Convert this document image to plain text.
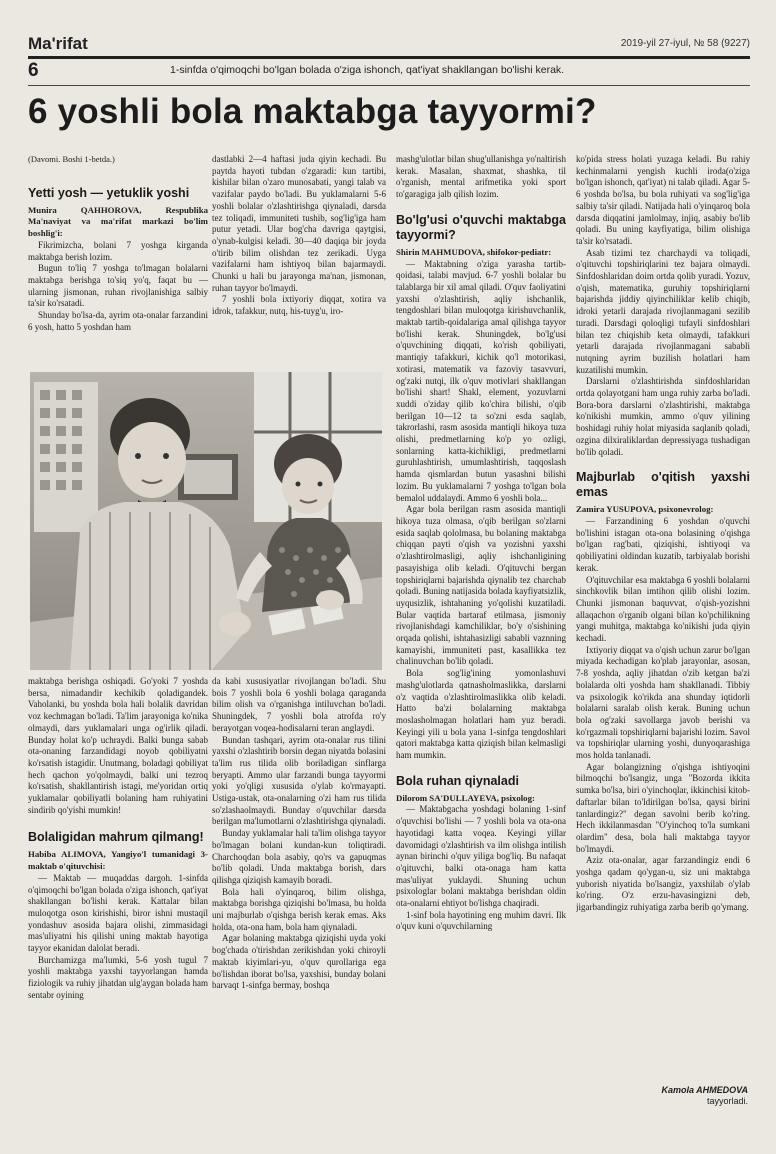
Ma'rifat	2019-yil 27-iyul, № 58 (9227)
6	1-sinfda o'qimoqchi bo'lgan bolada o'ziga ishonch, qat'iyat shakllangan bo'lishi kerak.
6 yoshli bola maktabga tayyormi?

(Davomi. Boshi 1-betda.)

Yetti yosh — yetuklik yoshi

Munira QAHHOROVA, Respublika Ma'naviyat va ma'rifat markazi bo'lim boshlig'i:

Fikrimizcha, bolani 7 yoshga kirgandа maktabga berish lozim.

Bugun to'liq 7 yoshga to'lmagan bolalarni maktabga berishga to'siq yo'q, faqat bu — ularning jismonan, ruhan rivojlanishiga salbiy ta'sir ko'rsatadi.

Shunday bo'lsa-da, ayrim ota-onalar farzandini 6 yosh, hatto 5 yoshdan ham

dastlabki 2—4 haftasi juda qiyin kechadi. Bu paytda hayoti tubdan o'zgaradi: kun tartibi, kishilar bilan o'zaro munosabati, yangi talab va vazifalar paydo bo'ladi. Bu yuklamalarni 5-6 yoshli bolalar o'zlashtirishga qiynaladi, darsda tez toliqadi, immuniteti tushib, sog'lig'iga ham putur yetadi. Ular bog'cha davriga qaytgisi, o'ynab-kulgisi keladi. 30—40 daqiqa bir joyda o'tirib bilim olishdan tez zerikadi. Uyga vazifalarni ham ishtiyoq bilan bajarmaydi. Chunki u hali bu jarayonga ma'nan, jismonan, ruhan tayyor bo'lmaydi.

7 yoshli bola ixtiyoriy diqqat, xotira va idrok, tafakkur, nutq, his-tuyg'u, iro-

maktabga berishga oshiqadi. Go'yoki 7 yoshda bersa, nimadandir kechikib qoladigandek. Vaholanki, bu yoshda bola hali bolalik davridan voz kechmagan bo'ladi. Ta'lim jarayoniga ko'nika olmaydi, dars yuklamalari unga og'irlik qiladi. Bunday holat ko'p uchraydi. Balki bunga sabab ota-onaning farzandidagi noyob qobiliyatni ko'rsatish istagidir. Unutmang, boladagi qobiliyat hech qachon yo'qolmaydi, balki uni tezroq ko'rsatish, shakllantirish istagi, me'yoridan ortiq yuklamalar qobiliyatli bolaning ham ruhiyatini sindirib qo'yishi mumkin!

Bolaligidan mahrum qilmang!

Habiba ALIMOVA, Yangiyo'l tumanidagi 3-maktab o'qituvchisi:

— Maktab — muqaddas dargoh. 1-sinfda o'qimoqchi bo'lgan bolada o'ziga ishonch, qat'iyat shakllangan bo'lishi kerak. Kattalar bilan muloqotga oson kirishishi, biror ishni mustaqil yondashuv asosida bajara olishi, zimmasidagi mas'uliyatni his qilishi uning maktab hayotiga tayyor ekanidan dalolat beradi.

Burchamizga ma'lumki, 5-6 yosh tugul 7 yoshli maktabga yaxshi tayyorlangan hamda fiziologik va ruhiy jihatdan ulg'aygan bolada ham sentabr oyining

da kabi xususiyatlar rivojlangan bo'ladi. Shu bois 7 yoshli bola 6 yoshli bolaga qaraganda bilim olish va o'rganishga intiluvchan bo'ladi. Shuningdek, 7 yoshli bola atrofda ro'y berayotgan voqea-hodisalarni teran anglaydi.

Bundan tashqari, ayrim ota-onalar rus tilini yaxshi o'zlashtirib borsin degan niyatda bolasini ta'lim rus tilida olib boriladigan sinflarga beryapti. Ammo ular farzandi bunga tayyormi yoki yo'qligi xususida o'ylab ko'rmayapti. Ustiga-ustak, ota-onalarning o'zi ham rus tilida so'zlashaolmaydi. Bunday o'quvchilar darsda berilgan ma'lumotlarni o'zlashtirishga qiynaladi.

Bunday yuklamalar hali ta'lim olishga tayyor bo'lmagan bolani kundan-kun toliqtiradi. Charchoqdan bola asabiy, qo'rs va gapuqmas bo'lib qoladi. Unda maktabga borish, dars qilishga qiziqish kamayib boradi.

Bola hali o'yinqaroq, bilim olishga, maktabga borishga qiziqishi bo'lmasa, bu holda uni majburlab o'qishga berish kerak emas. Aks holda, ota-ona ham, bola ham qiynaladi.

Agar bolaning maktabga qiziqishi uyda yoki bog'chada o'tirishdan zerikishdan yoki chiroyli maktab kiyimlari-yu, o'quv qurollariga ega bo'lishdan iborat bo'lsa, yaxshisi, bunday bolani barvaqt 1-sinfga bermay, boshqa

mashg'ulotlar bilan shug'ullanishga yo'naltirish kerak. Masalan, shaxmat, shashka, til o'rganish, mental arifmetika yoki sport to'garagiga jalb qilish lozim.

Bo'lg'usi o'quvchi maktabga tayyormi?

Shirin MAHMUDOVA, shifokor-pediatr:

— Maktabning o'ziga yarasha tartib-qoidasi, talabi mavjud. 6-7 yoshli bolalar bu talablarga bir xil amal qiladi. O'quv faoliyatini yaxshi o'zlashtirish, aqliy ishchanlik, tengdoshlari bilan muloqotga kirishuvchanlik, maktab tartib-qoidalariga amal qilishga tayyor bo'lishi kerak. Shuningdek, bo'lg'usi o'quvchining diqqati, ko'rish qobiliyati, mantiqiy tafakkuri, kichik qo'l motorikasi, xotirasi, matematik va fazoviy tasavvuri, og'zaki nutqi, ilk o'quv motivlari shakllangan bo'lishi shart! Shakl, element, yozuvlarni xuddi o'zidаy qilib ko'chira bilishi, o'qib berilgan 10—12 ta so'zni esda saqlab, takrorlashi, rasm asosida mantiqli hikoya tuza olishi, predmetlarning ko'p yo ozligi, sonlarning katta-kichikligi, predmetlarni guruhlashtirish, umumlashtirish, taqqoslash hamda qismlardan butun yasashni bilishi lozim. Bu yuklamalarni 7 yoshga to'lgan bola bemalol uddalaydi. Ammo 6 yoshli bola...

Agar bola berilgan rasm asosida mantiqli hikoya tuza olmasa, o'qib berilgan so'zlarni esida saqlab qololmasa, bu bolaning maktabga chiqqan payti o'qish va yozishni yaxshi o'zlashtirolmasligi, aqliy ishchanligining pasayishiga olib keladi. O'qituvchi bergan topshiriqlarni bajarishda qiynalib tez charchab qoladi. Buning natijasida bolada kayfiyatsizlik, uyqusizlik, ishtahaning yo'qolishi kuzatiladi. Bular vaqtida bartaraf etilmasa, jismoniy rivojlanishdagi kamchiliklar, bo'y o'sishining orqada qolishi, ishtahasizligi sababli vaznning kamayishi, immuniteti past, kasallikka tez chalinuvchan bo'lib qoladi.

Bola sog'lig'ining yomonlashuvi mashg'ulotlarda qatnasholmaslikka, darslarni o'z vaqtida o'zlashtirolmaslikka olib keladi. Hatto ba'zi bolalarning maktabga moslasholmagan holatlari ham yuz beradi. Keyingi yili u bola yana 1-sinfga tengdoshlari qatori maktabga katta qiziqish bilan kelmasligi ham mumkin.

Bola ruhan qiynaladi

Dilorom SA'DULLAYEVA, psixolog:

— Maktabgacha yoshdagi bolaning 1-sinf o'quvchisi bo'lishi — 7 yoshli bola va ota-ona hayotidagi katta voqea. Keyingi yillar davomidagi o'zlashtirish va ilm olishga intilish aynan birinchi o'quv yiliga bog'liq. Bu nafaqat o'qituvchi, balki ota-onaga ham katta mas'uliyat yuklaydi. Shuning uchun psixologlar bolani maktabga berishdan oldin ota-onalarni ehtiyot bo'lishga chaqiradi.

1-sinf bola hayotining eng muhim davri. Ilk o'quv kuni o'quvchilarning

ko'pida stress holati yuzaga keladi. Bu rahiy kechinmalarni yengish kuchli iroda(o'ziga bo'lgan ishonch, qat'iyat) ni talab qiladi. Agar 5-6 yoshda bo'lsa, bu bola ruhiyati va sog'lig'iga salbiy ta'sir qiladi. Natijada hali o'yinqaroq bola darsda diqqatini jamlolmay, injiq, asabiy bo'lib qoladi. Bu uning kayfiyatiga, bilim olishiga ta'sir ko'rsatadi.

Asab tizimi tez charchaydi va toliqadi, o'qituvchi topshiriqlarini tez bajara olmaydi. Sinfdoshlaridan doim ortda qolib yuradi. Yozuv, o'qish, matematika, guruhiy topshiriqlarni bajarishda jiddiy qiyinchiliklar kelib chiqib, idroki yetarli darajada rivojlanmagani sezilib turadi. Darsdagi qoloqligi tufayli sinfdoshlari bilan tez chiqishib keta olmaydi, tafakkuri yetarli darajada rivojlanmagani sababli nutqning ayrim buzilish holatlari ham kuzatilishi mumkin.

Darslarni o'zlashtirishda sinfdoshlaridan ortda qolayotgani ham unga ruhiy zarba bo'ladi. Bora-bora darslarni o'zlashtirishi, maktabga ko'nikishi mumkin, ammo o'quv yilining boshidagi ruhiy holat miyasida saqlanib qoladi, ozgina dilxiraliklardan depressiyaga tushadigan bo'lib qoladi.

Majburlab o'qitish yaxshi emas

Zamira YUSUPOVA, psixonevrolog:

— Farzandining 6 yoshdan o'quvchi bo'lishini istagan ota-ona bolasining o'qishga bo'lgan rag'bati, qiziqishi, ishtiyoqi va qobiliyatini oldindan kuzatib, tarbiyalab borishi kerak.

O'qituvchilar esa maktabga 6 yoshli bolalarni sinchkovlik bilan imtihon qilib olishi lozim. Chunki jismonan baquvvat, o'qish-yozishni allaqachon o'rganib olgani bilan ko'pchilikning yangi muhitga, maktabga ko'nikishi juda qiyin kechadi.

Ixtiyoriy diqqat va o'qish uchun zarur bo'lgan miyada kechadigan ko'plab jarayonlar, asosan, 7-8 yoshda, aqliy jihatdan o'zib ketgan ba'zi bolalarda olti yoshda ham shakllanadi. Tibbiy va psixologik ko'rikda ana shunday iqtidorli bolalarni saralab olish kerak. Buning uchun bola og'zaki savollarga javob berishi va ko'rgazmali topshiriqlarni bajarishi lozim. Savol va topshiriqlar ularning yoshi, dunyoqarashiga mos holda tanlanadi.

Agar bolangizning o'qishga ishtiyoqini bilmoqchi bo'lsangiz, unga "Bozorda ikkita sumka bo'lsa, biri o'yinchoqlar, ikkinchisi kitob-daftarlar bilan to'ldirilgan bo'lsa, qaysi birini tanlardingiz?" degan savolni berib ko'ring. Hech ikkilanmasdan "O'yinchoq to'la sumkani olardim" desa, bola hali maktabga tayyor bo'lmaydi.

Aziz ota-onalar, agar farzandingiz endi 6 yoshga qadam qo'ygan-u, siz uni maktabga yuborish niyatida bo'lsangiz, yaxshilab o'ylab ko'ring. O'z erzu-havasingizni deb, jigarbandingiz ruhiyatiga zarba berib qo'ymang.

Kamola AHMEDOVA
tayyorladi.
